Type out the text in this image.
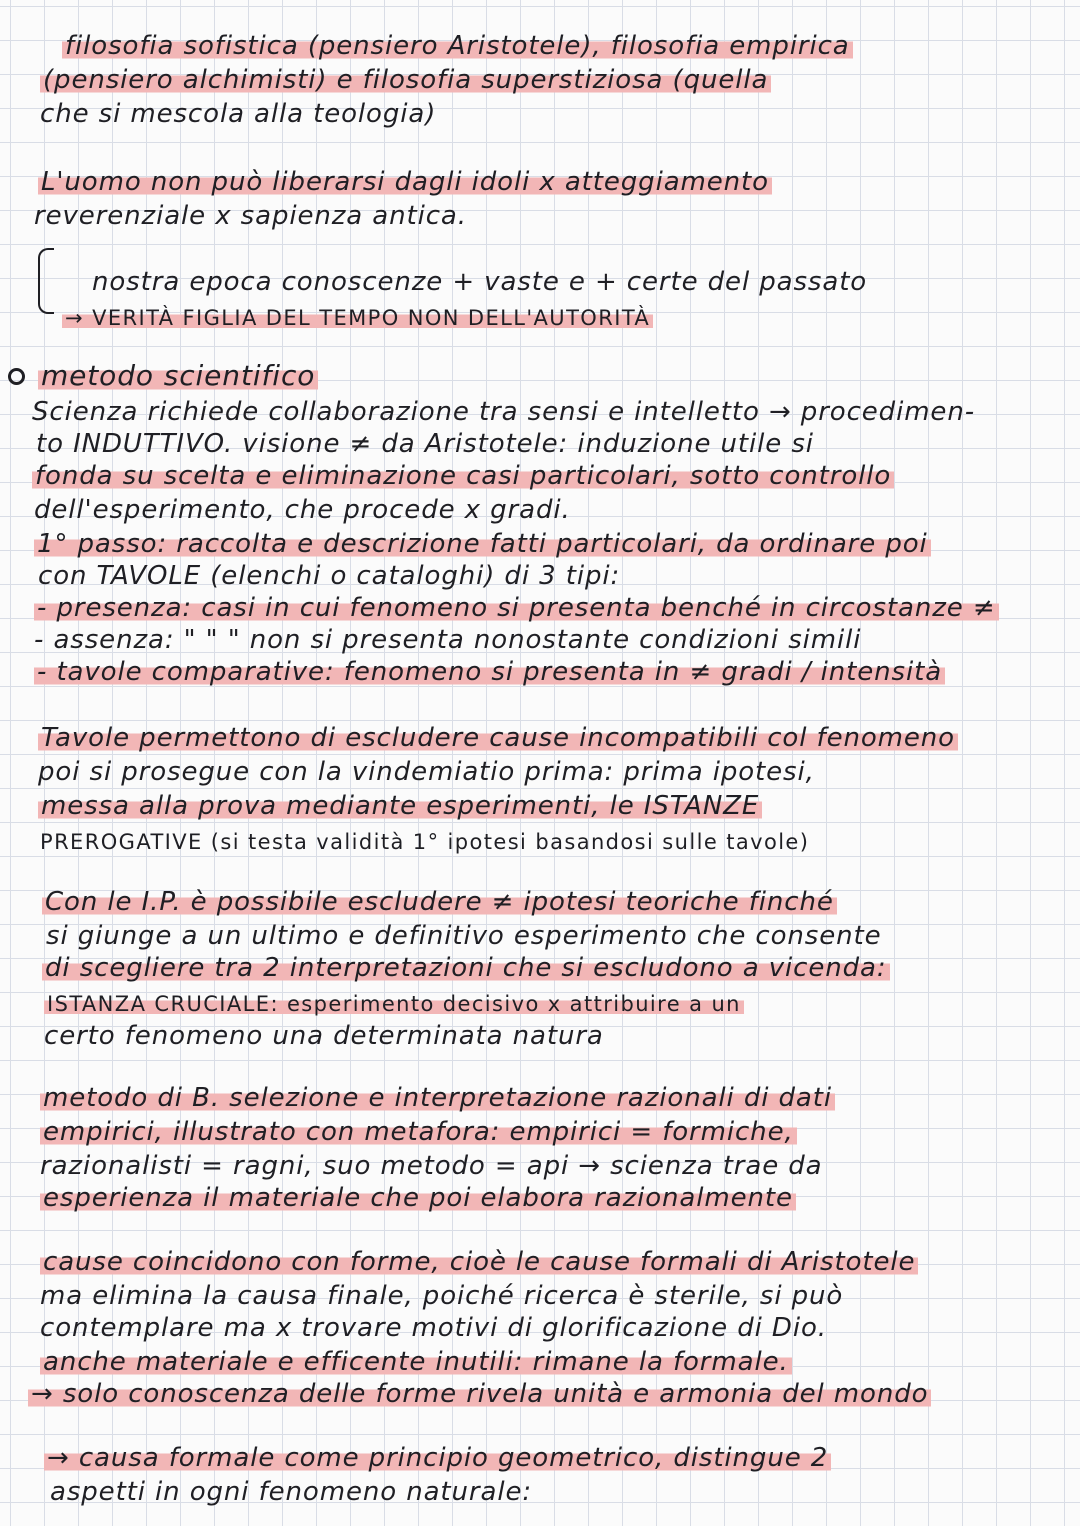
filosofia sofistica (pensiero Aristotele), filosofia empirica
(pensiero alchimisti) e filosofia superstiziosa (quella
che si mescola alla teologia)
L'uomo non può liberarsi dagli idoli x atteggiamento
reverenziale x sapienza antica.
nostra epoca conoscenze + vaste e + certe del passato
→ VERITÀ FIGLIA DEL TEMPO NON DELL'AUTORITÀ
metodo scientifico
Scienza richiede collaborazione tra sensi e intelletto → procedimen-
to INDUTTIVO. visione ≠ da Aristotele: induzione utile si
fonda su scelta e eliminazione casi particolari, sotto controllo
dell'esperimento, che procede x gradi.
1° passo: raccolta e descrizione fatti particolari, da ordinare poi
con TAVOLE (elenchi o cataloghi) di 3 tipi:
- presenza: casi in cui fenomeno si presenta benché in circostanze ≠
- assenza: " " " non si presenta nonostante condizioni simili
- tavole comparative: fenomeno si presenta in ≠ gradi / intensità
Tavole permettono di escludere cause incompatibili col fenomeno
poi si prosegue con la vindemiatio prima: prima ipotesi,
messa alla prova mediante esperimenti, le ISTANZE
PREROGATIVE (si testa validità 1° ipotesi basandosi sulle tavole)
Con le I.P. è possibile escludere ≠ ipotesi teoriche finché
si giunge a un ultimo e definitivo esperimento che consente
di scegliere tra 2 interpretazioni che si escludono a vicenda:
ISTANZA CRUCIALE: esperimento decisivo x attribuire a un
certo fenomeno una determinata natura
metodo di B. selezione e interpretazione razionali di dati
empirici, illustrato con metafora: empirici = formiche,
razionalisti = ragni, suo metodo = api → scienza trae da
esperienza il materiale che poi elabora razionalmente
cause coincidono con forme, cioè le cause formali di Aristotele
ma elimina la causa finale, poiché ricerca è sterile, si può
contemplare ma x trovare motivi di glorificazione di Dio.
anche materiale e efficente inutili: rimane la formale.
→ solo conoscenza delle forme rivela unità e armonia del mondo
→ causa formale come principio geometrico, distingue 2
aspetti in ogni fenomeno naturale:
